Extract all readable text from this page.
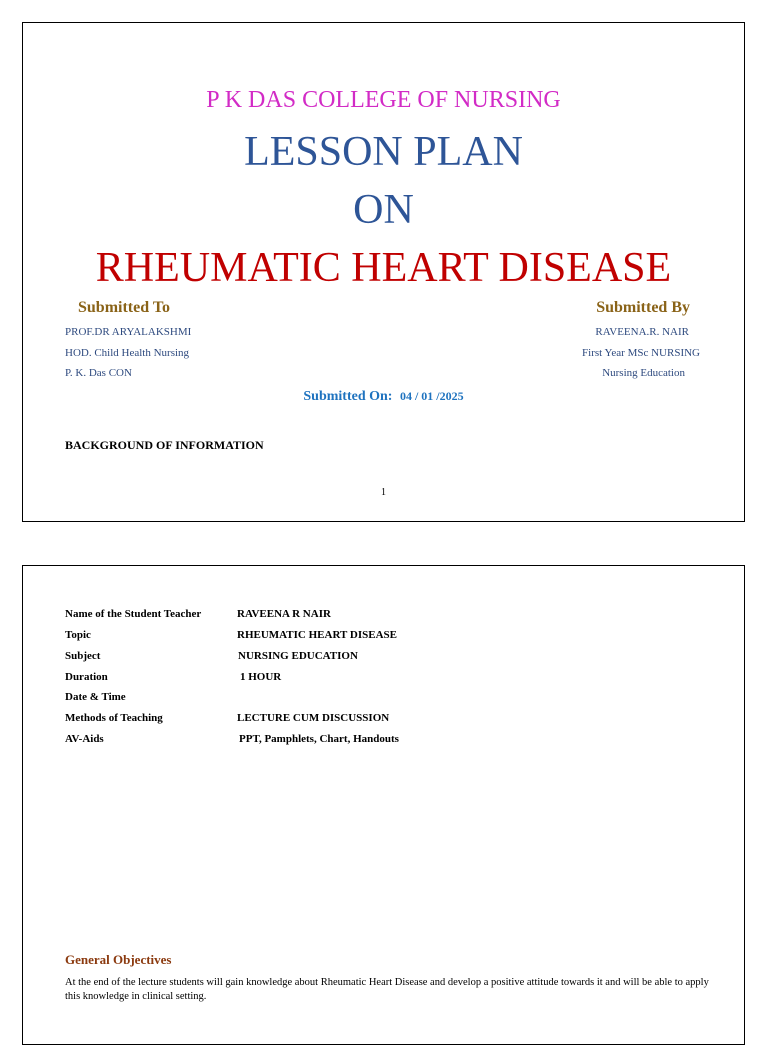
P K DAS COLLEGE OF NURSING
LESSON PLAN
ON
RHEUMATIC HEART DISEASE
Submitted To	Submitted By
PROF.DR ARYALAKSHMI
HOD. Child Health Nursing
P. K. Das CON
RAVEENA.R. NAIR
First Year MSc NURSING
Nursing Education
Submitted On: 04 / 01 /2025
BACKGROUND OF INFORMATION
1
Name of the Student Teacher	RAVEENA R NAIR
Topic	RHEUMATIC HEART DISEASE
Subject	NURSING EDUCATION
Duration	1 HOUR
Date & Time
Methods of Teaching	LECTURE CUM DISCUSSION
AV-Aids	PPT, Pamphlets, Chart, Handouts
General Objectives
At the end of the lecture students will gain knowledge about Rheumatic Heart Disease and develop a positive attitude towards it and will be able to apply this knowledge in clinical setting.
